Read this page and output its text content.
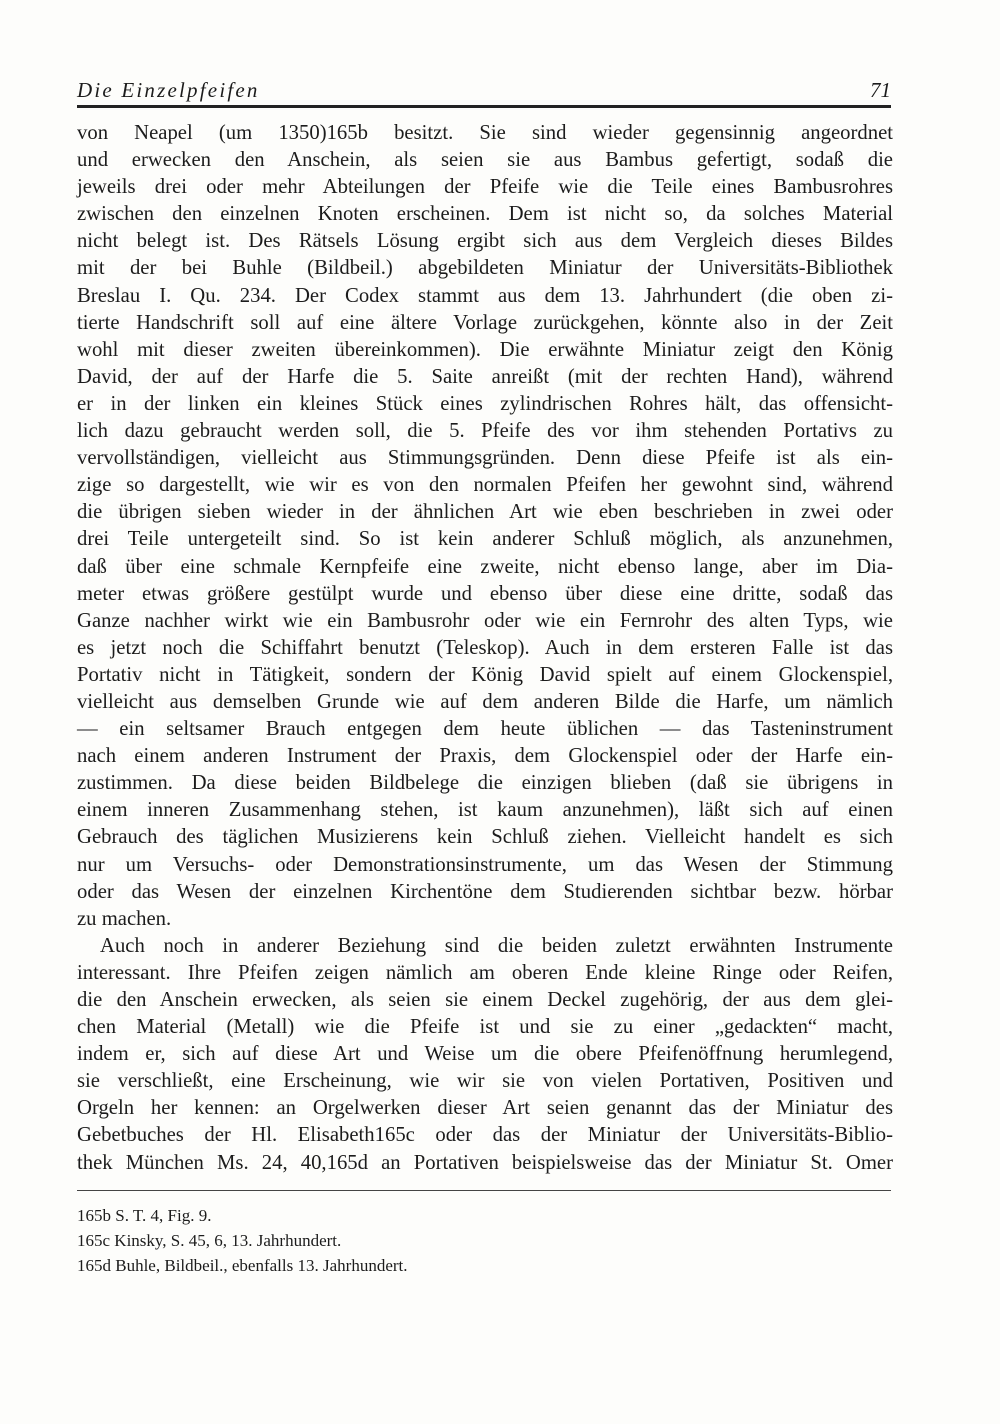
Die Einzelpfeifen	71
von Neapel (um 1350)165b besitzt. Sie sind wieder gegensinnig angeordnet
und erwecken den Anschein, als seien sie aus Bambus gefertigt, sodaß die
jeweils drei oder mehr Abteilungen der Pfeife wie die Teile eines Bambusrohres
zwischen den einzelnen Knoten erscheinen. Dem ist nicht so, da solches Material
nicht belegt ist. Des Rätsels Lösung ergibt sich aus dem Vergleich dieses Bildes
mit der bei Buhle (Bildbeil.) abgebildeten Miniatur der Universitäts-Bibliothek
Breslau I. Qu. 234. Der Codex stammt aus dem 13. Jahrhundert (die oben zi-
tierte Handschrift soll auf eine ältere Vorlage zurückgehen, könnte also in der Zeit
wohl mit dieser zweiten übereinkommen). Die erwähnte Miniatur zeigt den König
David, der auf der Harfe die 5. Saite anreißt (mit der rechten Hand), während
er in der linken ein kleines Stück eines zylindrischen Rohres hält, das offensicht-
lich dazu gebraucht werden soll, die 5. Pfeife des vor ihm stehenden Portativs zu
vervollständigen, vielleicht aus Stimmungsgründen. Denn diese Pfeife ist als ein-
zige so dargestellt, wie wir es von den normalen Pfeifen her gewohnt sind, während
die übrigen sieben wieder in der ähnlichen Art wie eben beschrieben in zwei oder
drei Teile untergeteilt sind. So ist kein anderer Schluß möglich, als anzunehmen,
daß über eine schmale Kernpfeife eine zweite, nicht ebenso lange, aber im Dia-
meter etwas größere gestülpt wurde und ebenso über diese eine dritte, sodaß das
Ganze nachher wirkt wie ein Bambusrohr oder wie ein Fernrohr des alten Typs, wie
es jetzt noch die Schiffahrt benutzt (Teleskop). Auch in dem ersteren Falle ist das
Portativ nicht in Tätigkeit, sondern der König David spielt auf einem Glockenspiel,
vielleicht aus demselben Grunde wie auf dem anderen Bilde die Harfe, um nämlich
— ein seltsamer Brauch entgegen dem heute üblichen — das Tasteninstrument
nach einem anderen Instrument der Praxis, dem Glockenspiel oder der Harfe ein-
zustimmen. Da diese beiden Bildbelege die einzigen blieben (daß sie übrigens in
einem inneren Zusammenhang stehen, ist kaum anzunehmen), läßt sich auf einen
Gebrauch des täglichen Musizierens kein Schluß ziehen. Vielleicht handelt es sich
nur um Versuchs- oder Demonstrationsinstrumente, um das Wesen der Stimmung
oder das Wesen der einzelnen Kirchentöne dem Studierenden sichtbar bezw. hörbar
zu machen.
Auch noch in anderer Beziehung sind die beiden zuletzt erwähnten Instrumente
interessant. Ihre Pfeifen zeigen nämlich am oberen Ende kleine Ringe oder Reifen,
die den Anschein erwecken, als seien sie einem Deckel zugehörig, der aus dem glei-
chen Material (Metall) wie die Pfeife ist und sie zu einer „gedackten“ macht,
indem er, sich auf diese Art und Weise um die obere Pfeifenöffnung herumlegend,
sie verschließt, eine Erscheinung, wie wir sie von vielen Portativen, Positiven und
Orgeln her kennen: an Orgelwerken dieser Art seien genannt das der Miniatur des
Gebetbuches der Hl. Elisabeth165c oder das der Miniatur der Universitäts-Biblio-
thek München Ms. 24, 40,165d an Portativen beispielsweise das der Miniatur St. Omer
165b S. T. 4, Fig. 9.
165c Kinsky, S. 45, 6, 13. Jahrhundert.
165d Buhle, Bildbeil., ebenfalls 13. Jahrhundert.
